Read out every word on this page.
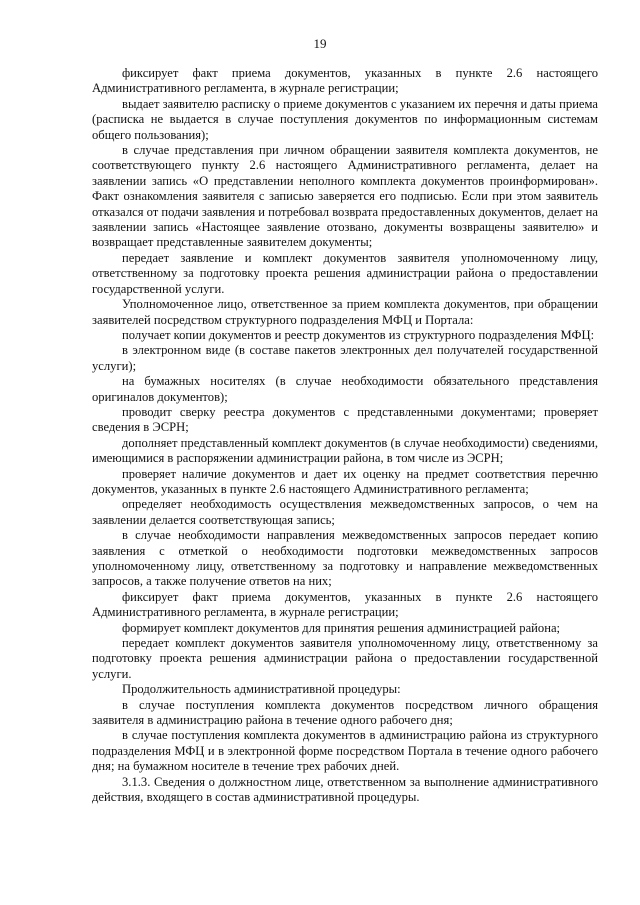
19

фиксирует факт приема документов, указанных в пункте 2.6 настоящего Административного регламента, в журнале регистрации;

выдает заявителю расписку о приеме документов с указанием их перечня и даты приема (расписка не выдается в случае поступления документов по информационным системам общего пользования);

в случае представления при личном обращении заявителя комплекта документов, не соответствующего пункту 2.6 настоящего Административного регламента, делает на заявлении запись «О представлении неполного комплекта документов проинформирован». Факт ознакомления заявителя с записью заверяется его подписью. Если при этом заявитель отказался от подачи заявления и потребовал возврата предоставленных документов, делает на заявлении запись «Настоящее заявление отозвано, документы возвращены заявителю» и возвращает представленные заявителем документы;

передает заявление и комплект документов заявителя уполномоченному лицу, ответственному за подготовку проекта решения администрации района о предоставлении государственной услуги.

Уполномоченное лицо, ответственное за прием комплекта документов, при обращении заявителей посредством структурного подразделения МФЦ и Портала:

получает копии документов и реестр документов из структурного подразделения МФЦ:

в электронном виде (в составе пакетов электронных дел получателей государственной услуги);

на бумажных носителях (в случае необходимости обязательного представления оригиналов документов);

проводит сверку реестра документов с представленными документами; проверяет сведения в ЭСРН;

дополняет представленный комплект документов (в случае необходимости) сведениями, имеющимися в распоряжении администрации района, в том числе из ЭСРН;

проверяет наличие документов и дает их оценку на предмет соответствия перечню документов, указанных в пункте 2.6 настоящего Административного регламента;

определяет необходимость осуществления межведомственных запросов, о чем на заявлении делается соответствующая запись;

в случае необходимости направления межведомственных запросов передает копию заявления с отметкой о необходимости подготовки межведомственных запросов уполномоченному лицу, ответственному за подготовку и направление межведомственных запросов, а также получение ответов на них;

фиксирует факт приема документов, указанных в пункте 2.6 настоящего Административного регламента, в журнале регистрации;

формирует комплект документов для принятия решения администрацией района;

передает комплект документов заявителя уполномоченному лицу, ответственному за подготовку проекта решения администрации района о предоставлении государственной услуги.

Продолжительность административной процедуры:

в случае поступления комплекта документов посредством личного обращения заявителя в администрацию района в течение одного рабочего дня;

в случае поступления комплекта документов в администрацию района из структурного подразделения МФЦ и в электронной форме посредством Портала в течение одного рабочего дня; на бумажном носителе в течение трех рабочих дней.

3.1.3. Сведения о должностном лице, ответственном за выполнение административного действия, входящего в состав административной процедуры.
